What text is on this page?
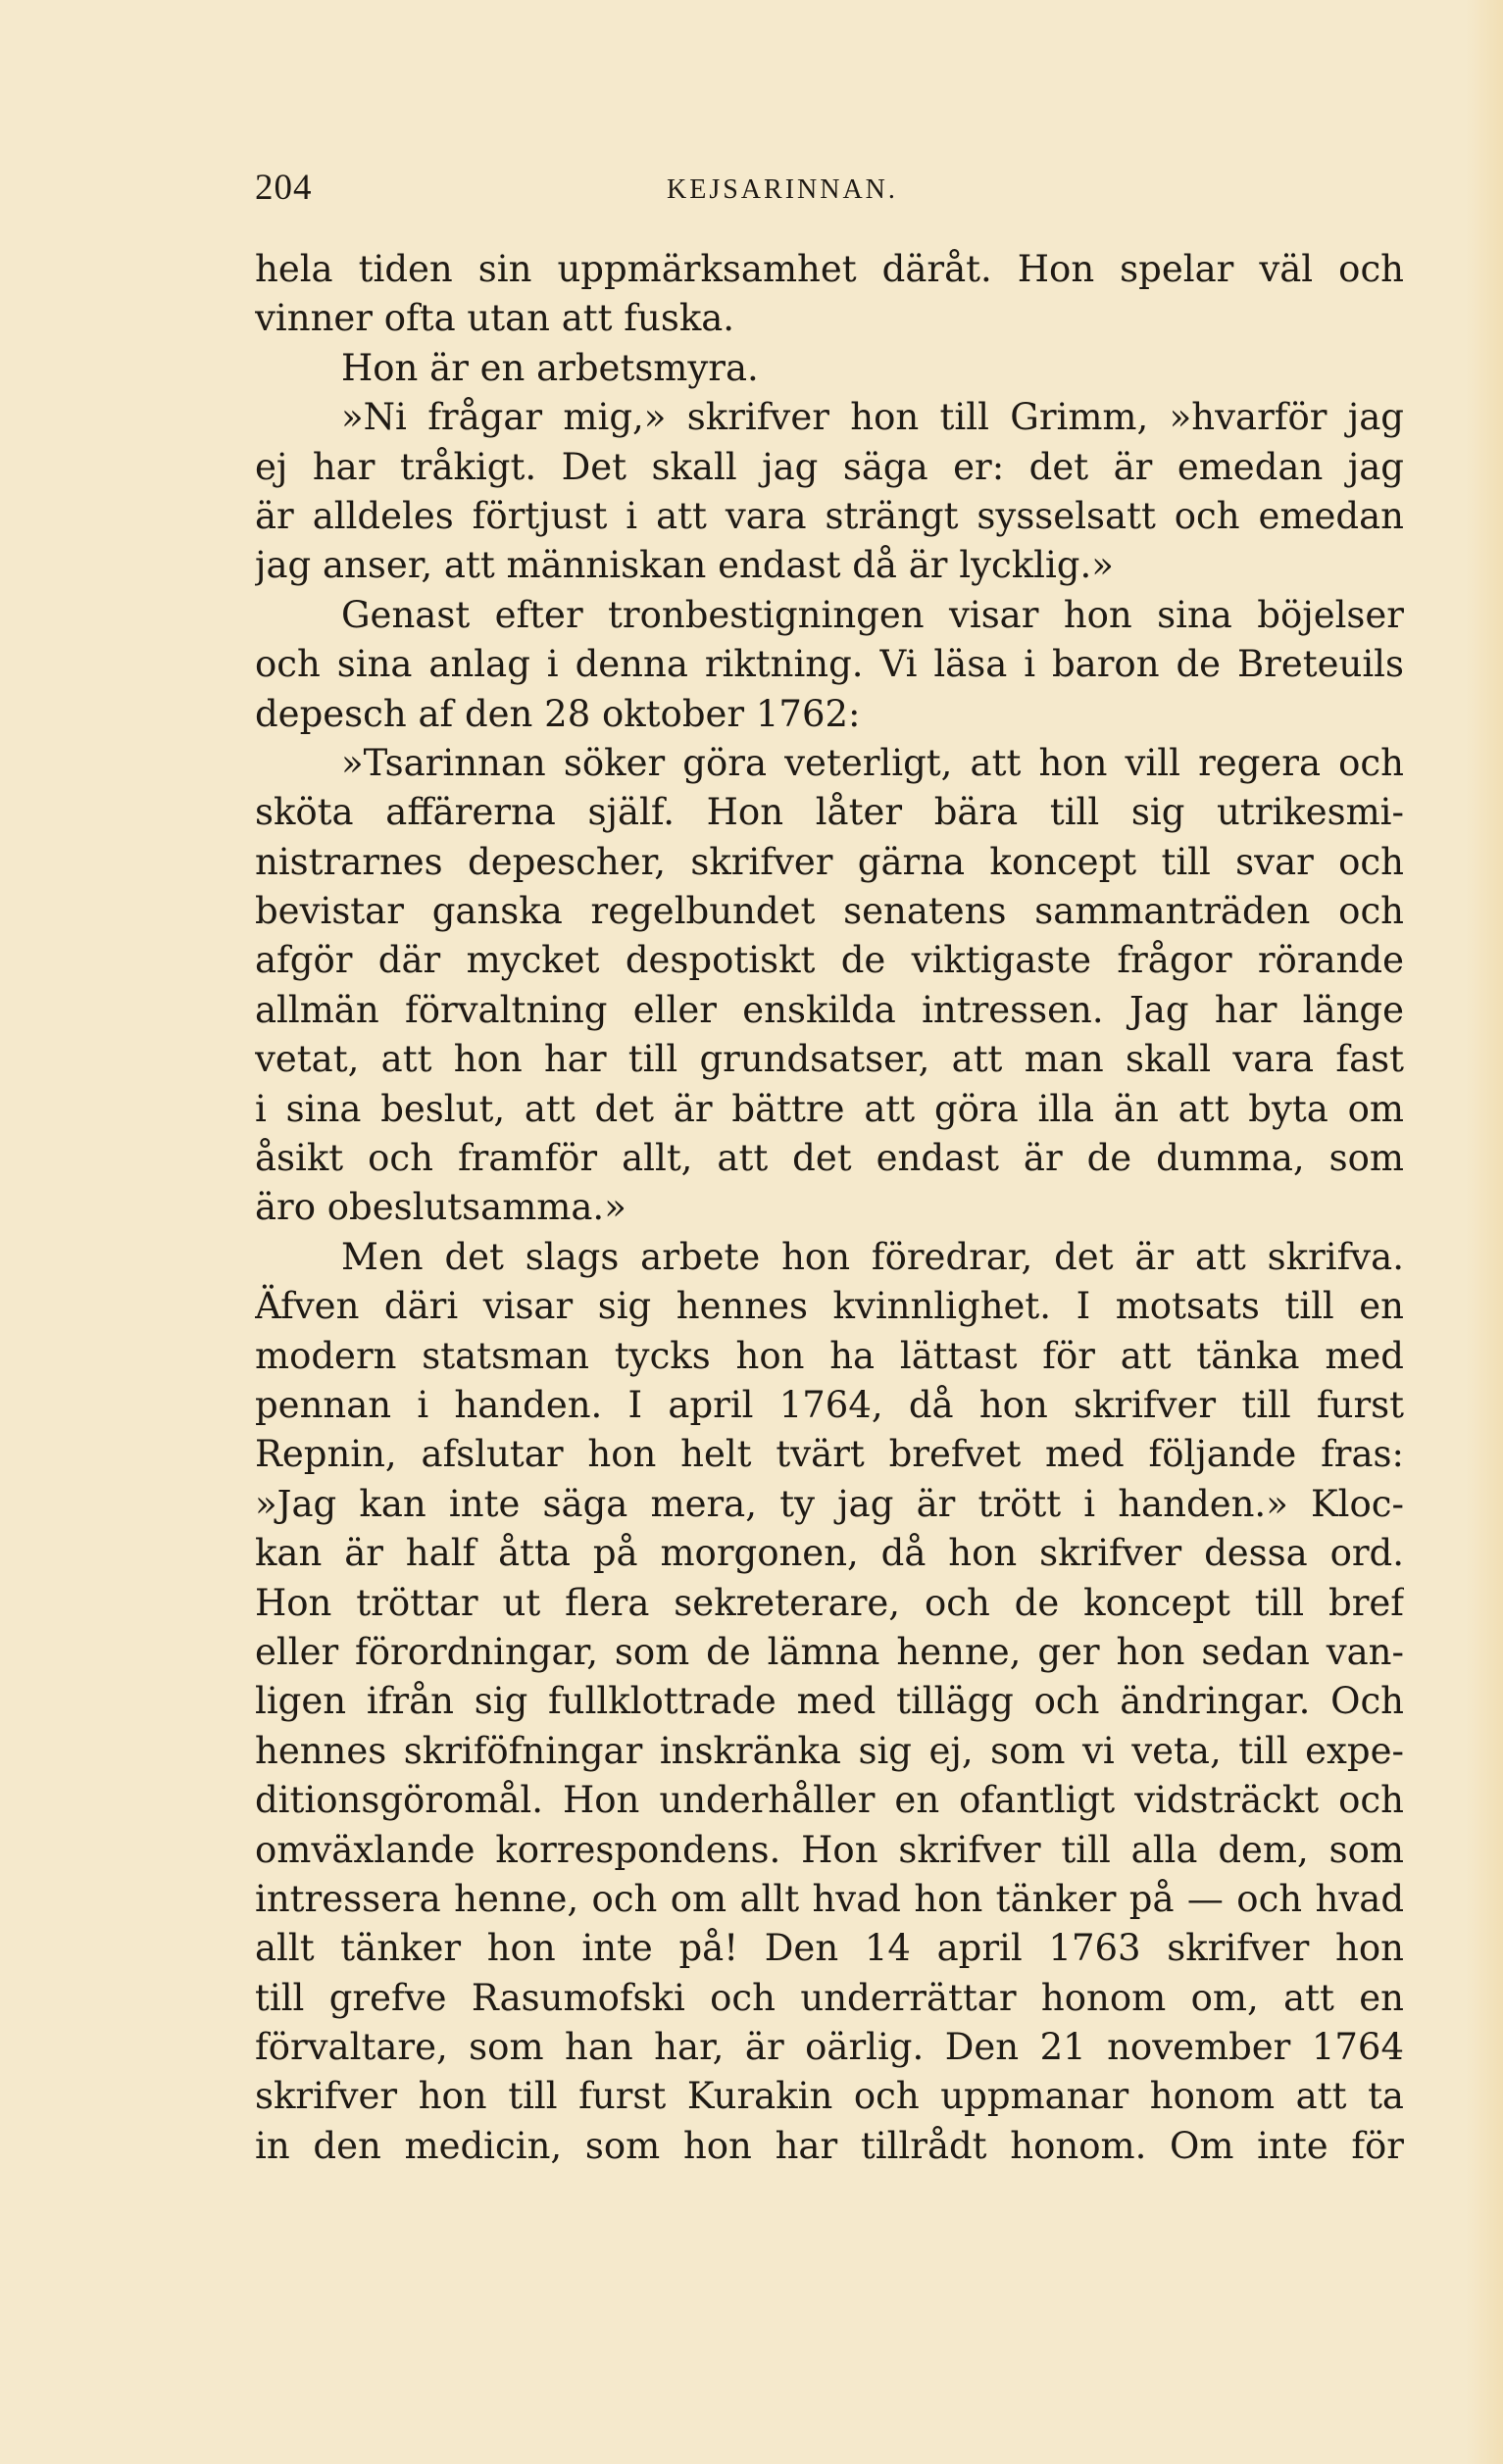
204	KEJSARINNAN.
hela tiden sin uppmärksamhet däråt. Hon spelar väl och
vinner ofta utan att fuska.
Hon är en arbetsmyra.
»Ni frågar mig,» skrifver hon till Grimm, »hvarför jag
ej har tråkigt. Det skall jag säga er: det är emedan jag
är alldeles förtjust i att vara strängt sysselsatt och emedan
jag anser, att människan endast då är lycklig.»
Genast efter tronbestigningen visar hon sina böjelser
och sina anlag i denna riktning. Vi läsa i baron de Breteuils
depesch af den 28 oktober 1762:
»Tsarinnan söker göra veterligt, att hon vill regera och
sköta affärerna själf. Hon låter bära till sig utrikesmi-
nistrarnes depescher, skrifver gärna koncept till svar och
bevistar ganska regelbundet senatens sammanträden och
afgör där mycket despotiskt de viktigaste frågor rörande
allmän förvaltning eller enskilda intressen. Jag har länge
vetat, att hon har till grundsatser, att man skall vara fast
i sina beslut, att det är bättre att göra illa än att byta om
åsikt och framför allt, att det endast är de dumma, som
äro obeslutsamma.»
Men det slags arbete hon föredrar, det är att skrifva.
Äfven däri visar sig hennes kvinnlighet. I motsats till en
modern statsman tycks hon ha lättast för att tänka med
pennan i handen. I april 1764, då hon skrifver till furst
Repnin, afslutar hon helt tvärt brefvet med följande fras:
»Jag kan inte säga mera, ty jag är trött i handen.» Kloc-
kan är half åtta på morgonen, då hon skrifver dessa ord.
Hon tröttar ut flera sekreterare, och de koncept till bref
eller förordningar, som de lämna henne, ger hon sedan van-
ligen ifrån sig fullklottrade med tillägg och ändringar. Och
hennes skriföfningar inskränka sig ej, som vi veta, till expe-
ditionsgöromål. Hon underhåller en ofantligt vidsträckt och
omväxlande korrespondens. Hon skrifver till alla dem, som
intressera henne, och om allt hvad hon tänker på — och hvad
allt tänker hon inte på! Den 14 april 1763 skrifver hon
till grefve Rasumofski och underrättar honom om, att en
förvaltare, som han har, är oärlig. Den 21 november 1764
skrifver hon till furst Kurakin och uppmanar honom att ta
in den medicin, som hon har tillrådt honom. Om inte för
